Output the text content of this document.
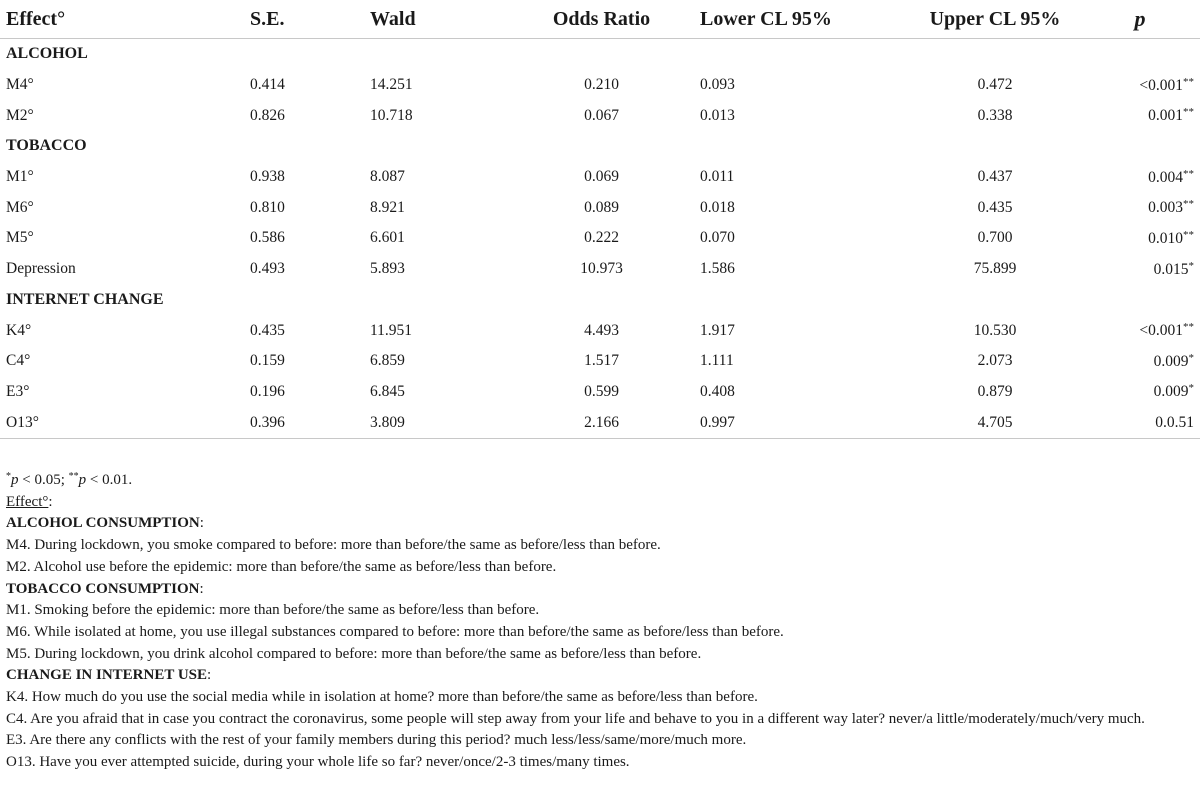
Effect°	S.E.	Wald	Odds Ratio	Lower CL 95%	Upper CL 95%	p
ALCOHOL						
M4°	0.414	14.251	0.210	0.093	0.472	<0.001**
M2°	0.826	10.718	0.067	0.013	0.338	0.001**
TOBACCO						
M1°	0.938	8.087	0.069	0.011	0.437	0.004**
M6°	0.810	8.921	0.089	0.018	0.435	0.003**
M5°	0.586	6.601	0.222	0.070	0.700	0.010**
Depression	0.493	5.893	10.973	1.586	75.899	0.015*
INTERNET CHANGE						
K4°	0.435	11.951	4.493	1.917	10.530	<0.001**
C4°	0.159	6.859	1.517	1.111	2.073	0.009*
E3°	0.196	6.845	0.599	0.408	0.879	0.009*
O13°	0.396	3.809	2.166	0.997	4.705	0.0.51
*p < 0.05; **p < 0.01.
Effect°:
ALCOHOL CONSUMPTION:
M4. During lockdown, you smoke compared to before: more than before/the same as before/less than before.
M2. Alcohol use before the epidemic: more than before/the same as before/less than before.
TOBACCO CONSUMPTION:
M1. Smoking before the epidemic: more than before/the same as before/less than before.
M6. While isolated at home, you use illegal substances compared to before: more than before/the same as before/less than before.
M5. During lockdown, you drink alcohol compared to before: more than before/the same as before/less than before.
CHANGE IN INTERNET USE:
K4. How much do you use the social media while in isolation at home? more than before/the same as before/less than before.
C4. Are you afraid that in case you contract the coronavirus, some people will step away from your life and behave to you in a different way later? never/a little/moderately/much/very much.
E3. Are there any conflicts with the rest of your family members during this period? much less/less/same/more/much more.
O13. Have you ever attempted suicide, during your whole life so far? never/once/2-3 times/many times.
